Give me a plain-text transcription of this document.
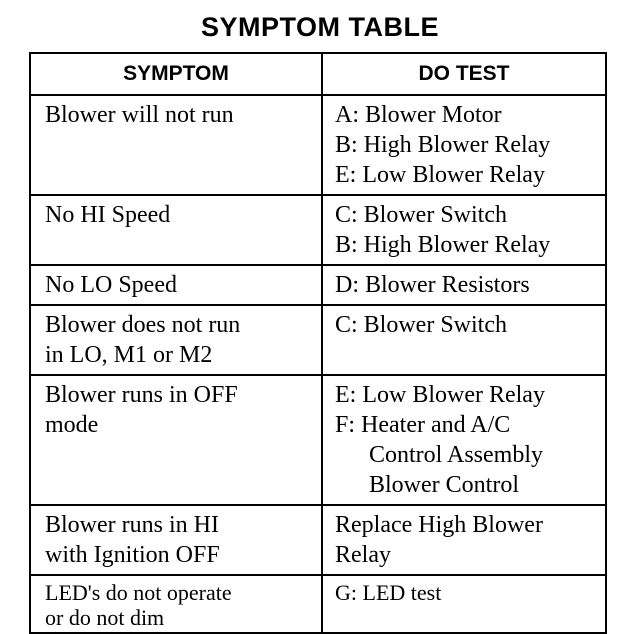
SYMPTOM TABLE
SYMPTOM	DO TEST

Blower will not run	A: Blower Motor
B: High Blower Relay
E: Low Blower Relay

No HI Speed	C: Blower Switch
B: High Blower Relay

No LO Speed	D: Blower Resistors

Blower does not run
in LO, M1 or M2	C: Blower Switch

Blower runs in OFF
mode	E: Low Blower Relay
F: Heater and A/C
Control Assembly
Blower Control

Blower runs in HI
with Ignition OFF	Replace High Blower
Relay

LED's do not operate
or do not dim	G: LED test
